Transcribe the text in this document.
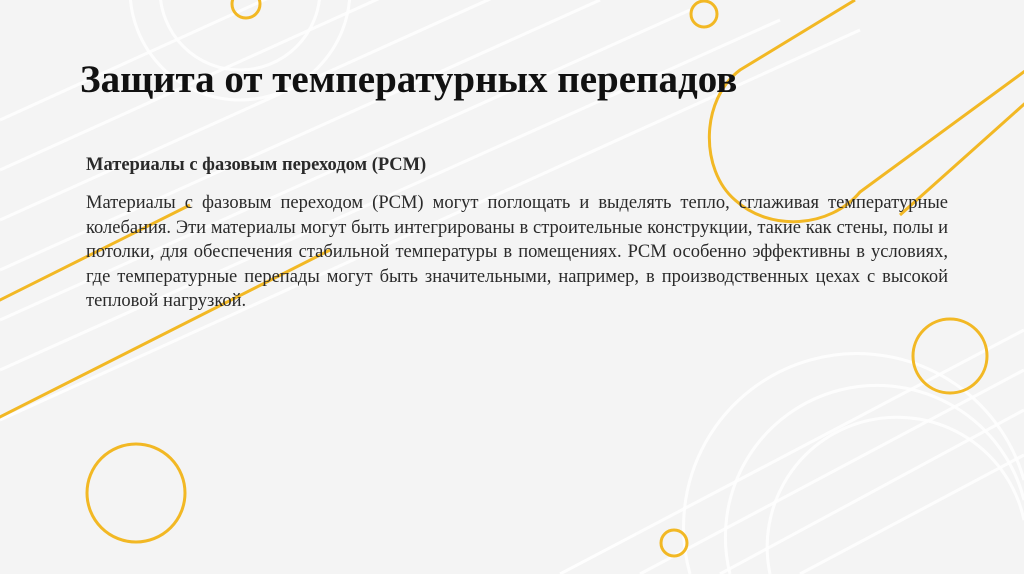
Защита от температурных перепадов

Материалы с фазовым переходом (PCM)

Материалы с фазовым переходом (PCM) могут поглощать и выделять тепло, сглаживая температурные колебания. Эти материалы могут быть интегрированы в строительные конструкции, такие как стены, полы и потолки, для обеспечения стабильной температуры в помещениях. PCM особенно эффективны в условиях, где температурные перепады могут быть значительными, например, в производственных цехах с высокой тепловой нагрузкой.
